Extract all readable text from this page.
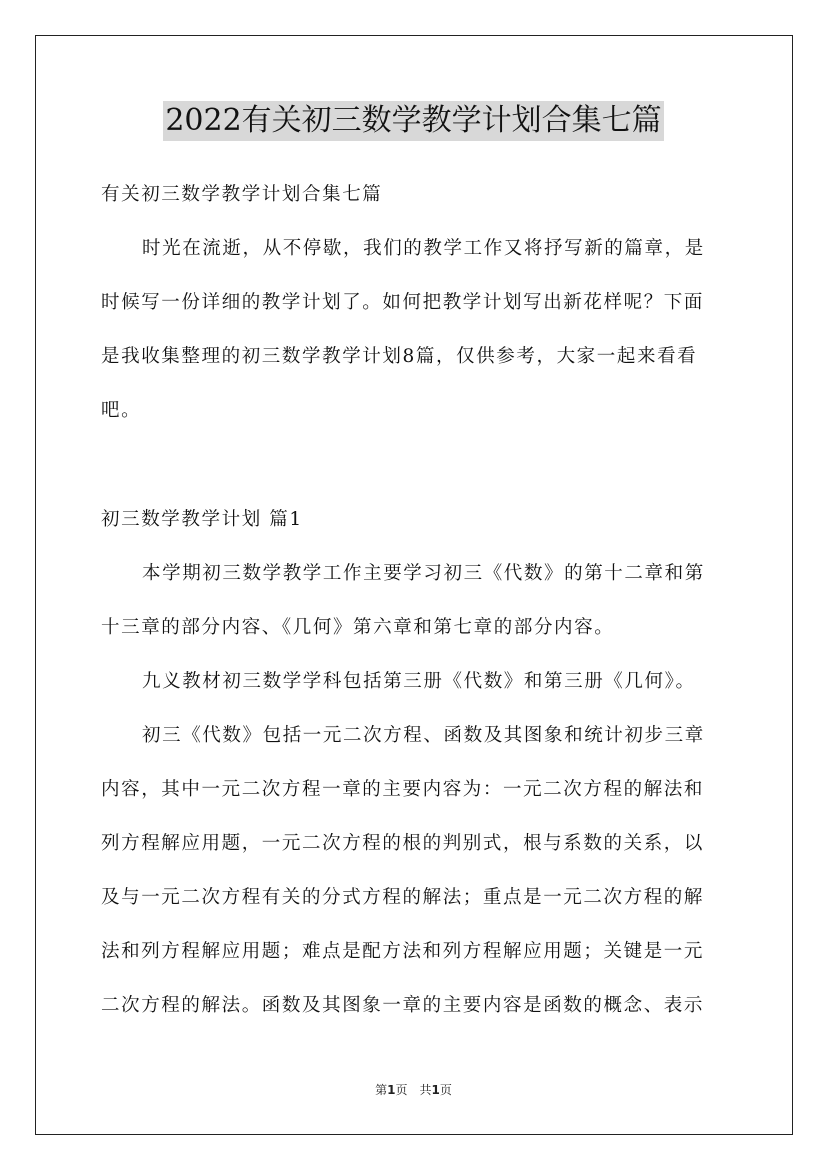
2022有关初三数学教学计划合集七篇
有关初三数学教学计划合集七篇
时光在流逝，从不停歇，我们的教学工作又将抒写新的篇章，是
时候写一份详细的教学计划了。如何把教学计划写出新花样呢？下面
是我收集整理的初三数学教学计划8篇，仅供参考，大家一起来看看
吧。
初三数学教学计划 篇1
本学期初三数学教学工作主要学习初三《代数》的第十二章和第
十三章的部分内容、《几何》第六章和第七章的部分内容。
九义教材初三数学学科包括第三册《代数》和第三册《几何》。
初三《代数》包括一元二次方程、函数及其图象和统计初步三章
内容，其中一元二次方程一章的主要内容为：一元二次方程的解法和
列方程解应用题，一元二次方程的根的判别式，根与系数的关系，以
及与一元二次方程有关的分式方程的解法；重点是一元二次方程的解
法和列方程解应用题；难点是配方法和列方程解应用题；关键是一元
二次方程的解法。函数及其图象一章的主要内容是函数的概念、表示
第1页　共1页
